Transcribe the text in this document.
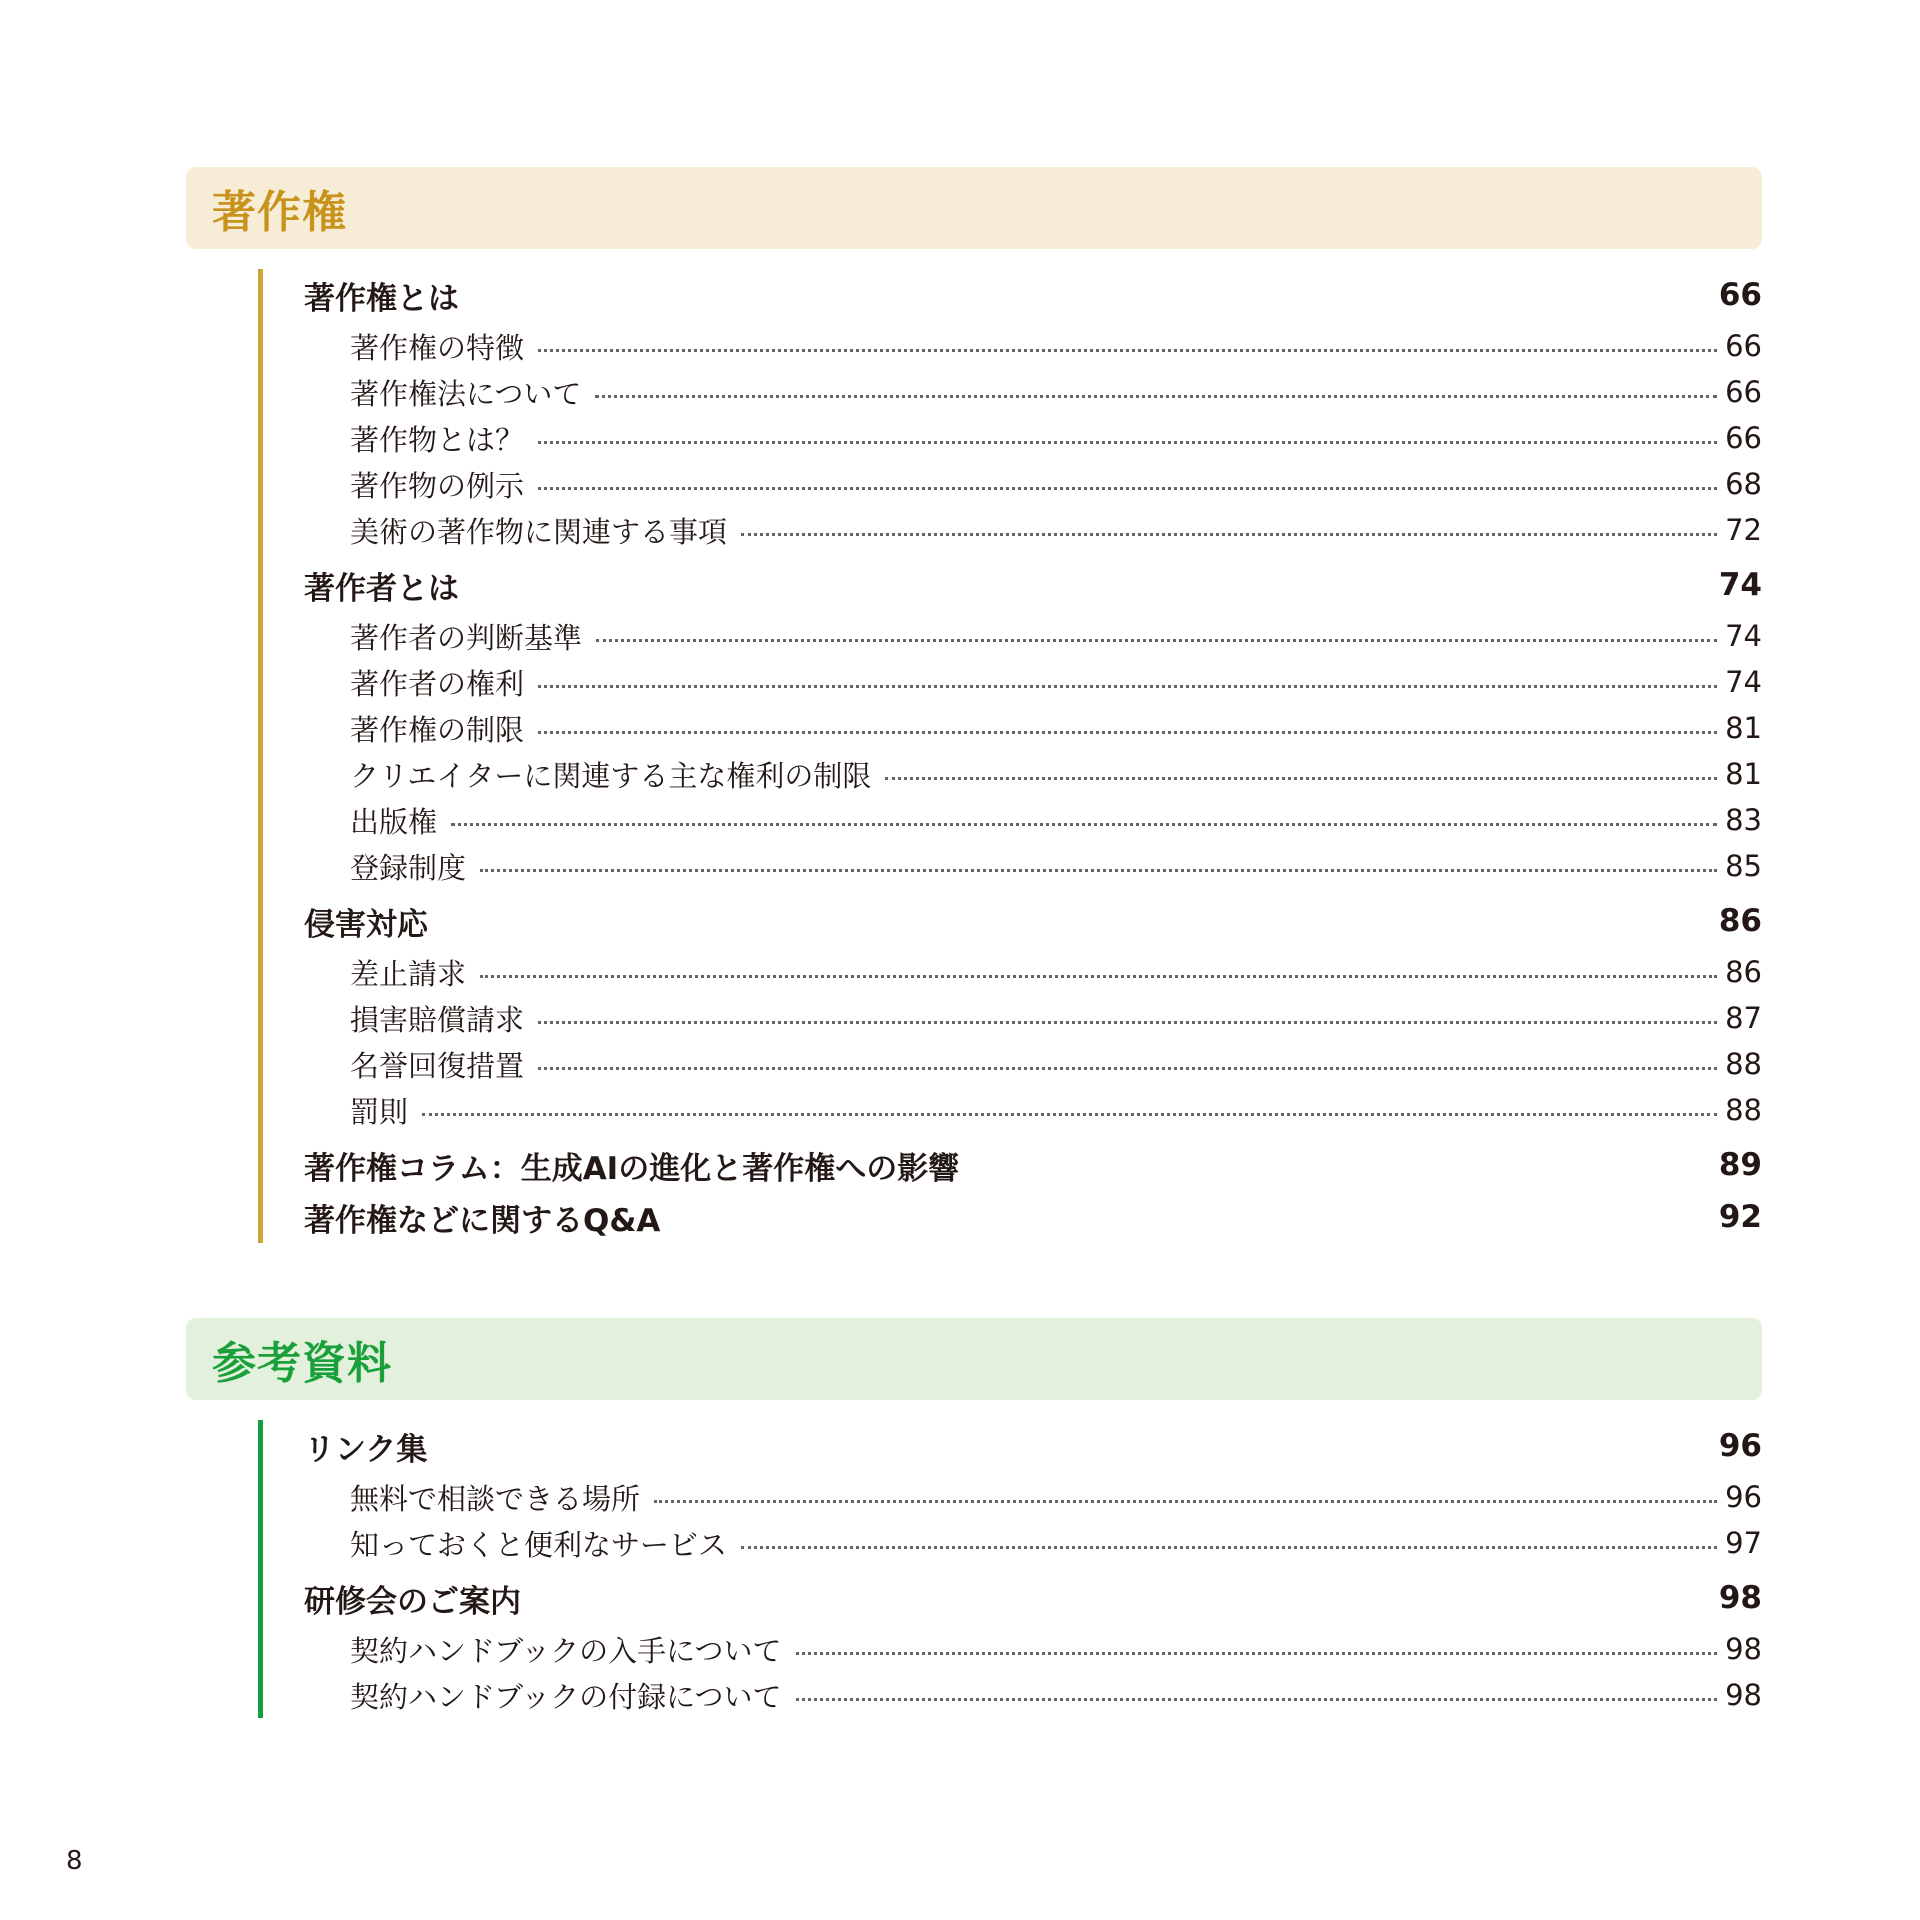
著作権
著作権とは	66
著作権の特徴	66
著作権法について	66
著作物とは？	66
著作物の例示	68
美術の著作物に関連する事項	72
著作者とは	74
著作者の判断基準	74
著作者の権利	74
著作権の制限	81
クリエイターに関連する主な権利の制限	81
出版権	83
登録制度	85
侵害対応	86
差止請求	86
損害賠償請求	87
名誉回復措置	88
罰則	88
著作権コラム：生成AIの進化と著作権への影響	89
著作権などに関するQ&A	92
参考資料
リンク集	96
無料で相談できる場所	96
知っておくと便利なサービス	97
研修会のご案内	98
契約ハンドブックの入手について	98
契約ハンドブックの付録について	98
8
